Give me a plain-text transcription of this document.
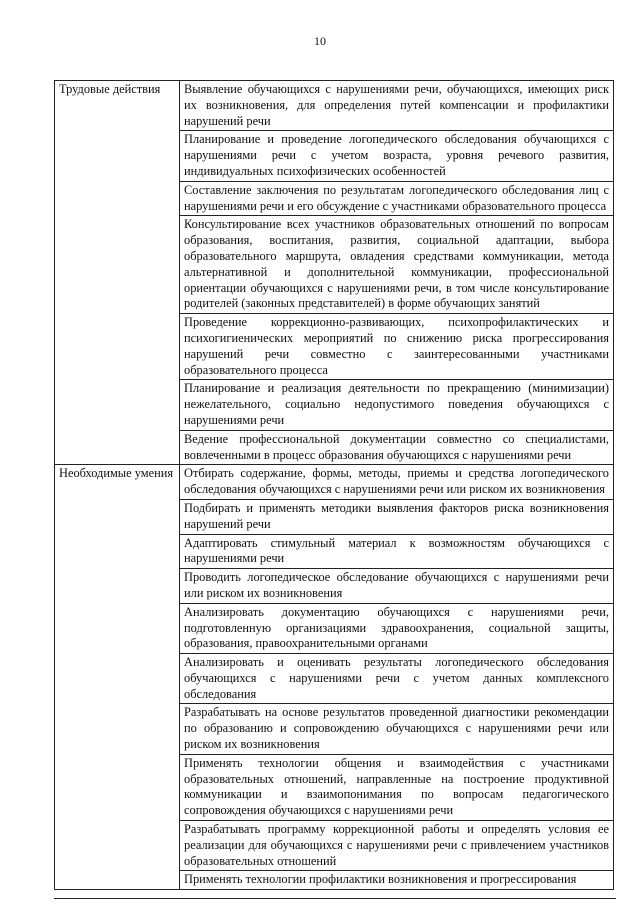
10
Трудовые действия	Выявление обучающихся с нарушениями речи, обучающихся, имеющих риск их возникновения, для определения путей компенсации и профилактики нарушений речи
	Планирование и проведение логопедического обследования обучающихся с нарушениями речи с учетом возраста, уровня речевого развития, индивидуальных психофизических особенностей
	Составление заключения по результатам логопедического обследования лиц с нарушениями речи и его обсуждение с участниками образовательного процесса
	Консультирование всех участников образовательных отношений по вопросам образования, воспитания, развития, социальной адаптации, выбора образовательного маршрута, овладения средствами коммуникации, метода альтернативной и дополнительной коммуникации, профессиональной ориентации обучающихся с нарушениями речи, в том числе консультирование родителей (законных представителей) в форме обучающих занятий
	Проведение коррекционно-развивающих, психопрофилактических и психогигиенических мероприятий по снижению риска прогрессирования нарушений речи совместно с заинтересованными участниками образовательного процесса
	Планирование и реализация деятельности по прекращению (минимизации) нежелательного, социально недопустимого поведения обучающихся с нарушениями речи
	Ведение профессиональной документации совместно со специалистами, вовлеченными в процесс образования обучающихся с нарушениями речи
Необходимые умения	Отбирать содержание, формы, методы, приемы и средства логопедического обследования обучающихся с нарушениями речи или риском их возникновения
	Подбирать и применять методики выявления факторов риска возникновения нарушений речи
	Адаптировать стимульный материал к возможностям обучающихся с нарушениями речи
	Проводить логопедическое обследование обучающихся с нарушениями речи или риском их возникновения
	Анализировать документацию обучающихся с нарушениями речи, подготовленную организациями здравоохранения, социальной защиты, образования, правоохранительными органами
	Анализировать и оценивать результаты логопедического обследования обучающихся с нарушениями речи с учетом данных комплексного обследования
	Разрабатывать на основе результатов проведенной диагностики рекомендации по образованию и сопровождению обучающихся с нарушениями речи или риском их возникновения
	Применять технологии общения и взаимодействия с участниками образовательных отношений, направленные на построение продуктивной коммуникации и взаимопонимания по вопросам педагогического сопровождения обучающихся с нарушениями речи
	Разрабатывать программу коррекционной работы и определять условия ее реализации для обучающихся с нарушениями речи с привлечением участников образовательных отношений
	Применять технологии профилактики возникновения и прогрессирования
